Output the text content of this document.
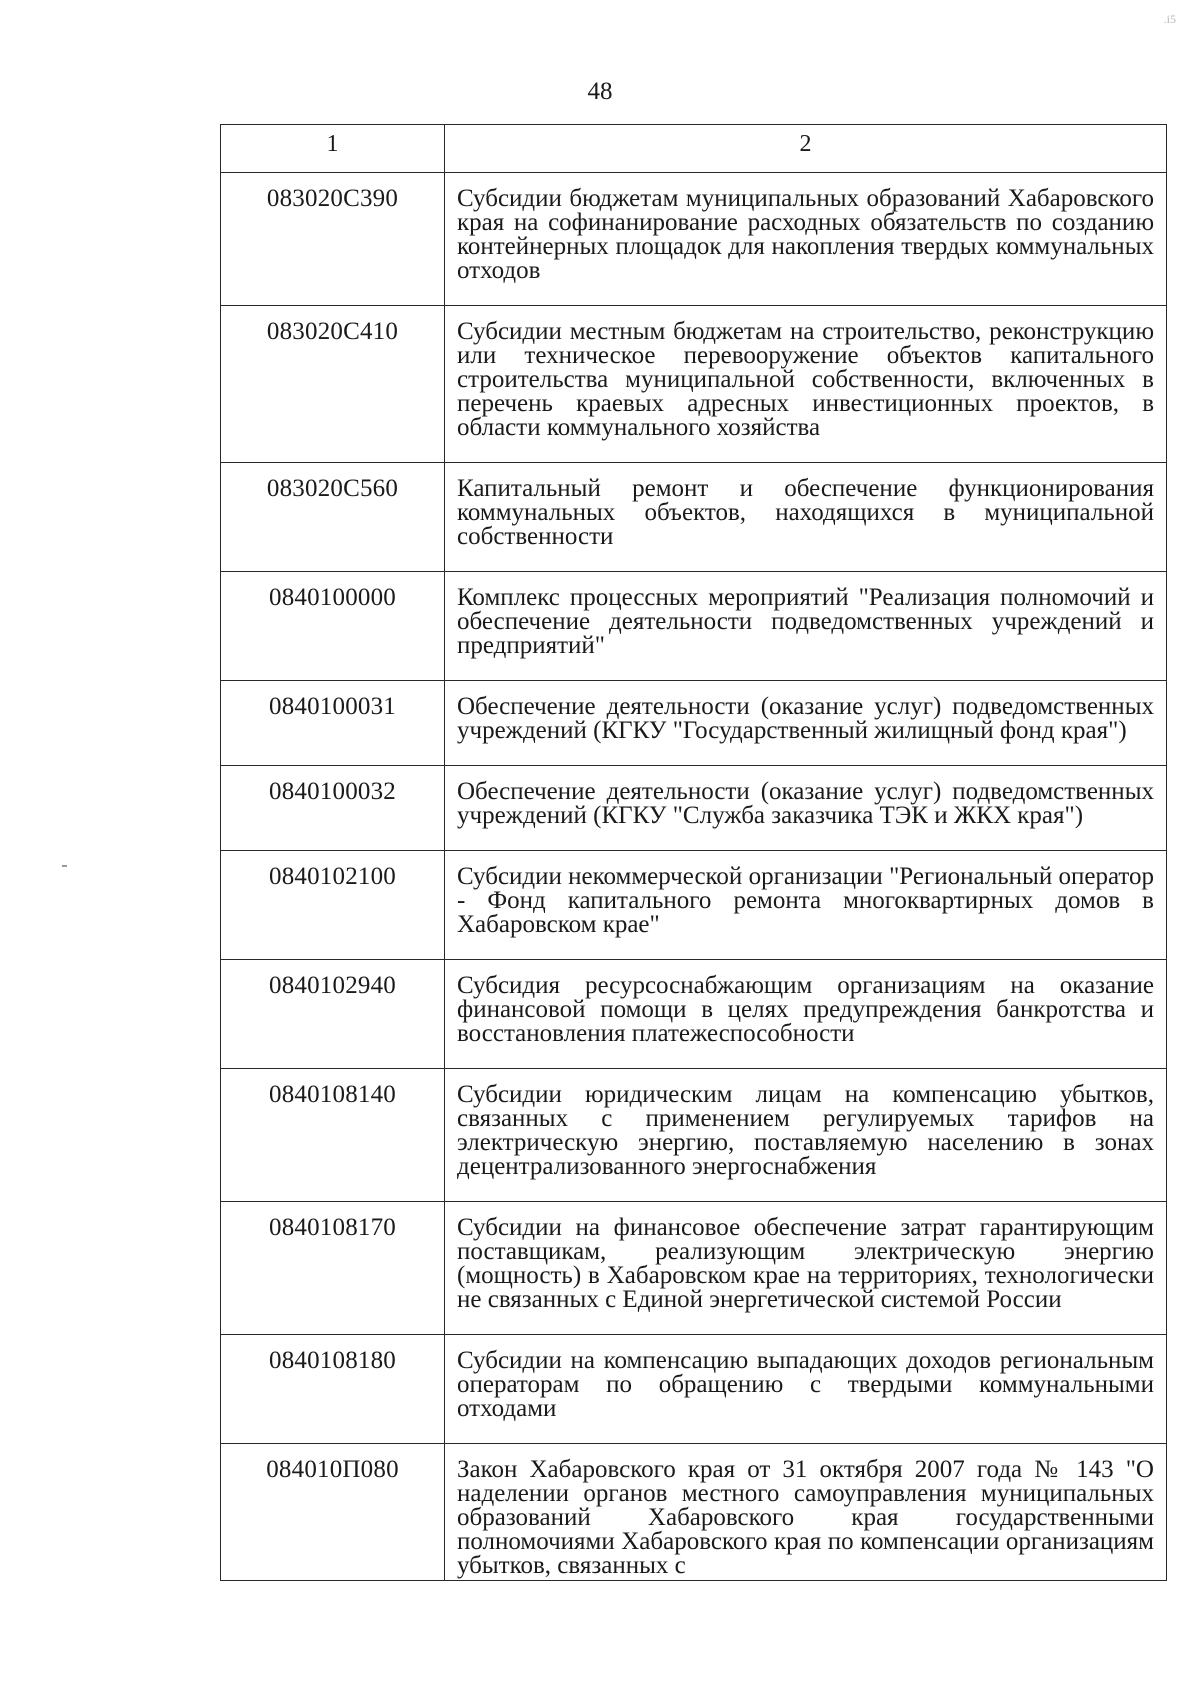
.i5
48
1	2
083020С390	Субсидии бюджетам муниципальных образований Хабаровского края на софинанирование расходных обязательств по созданию контейнерных площадок для накопления твердых коммунальных отходов
083020С410	Субсидии местным бюджетам на строительство, реконструкцию или техническое перевооружение объектов капитального строительства муниципальной собственности, включенных в перечень краевых адресных инвестиционных проектов, в области коммунального хозяйства
083020С560	Капитальный ремонт и обеспечение функционирования коммунальных объектов, находящихся в муниципальной собственности
0840100000	Комплекс процессных мероприятий "Реализация полномочий и обеспечение деятельности подведомственных учреждений и предприятий"
0840100031	Обеспечение деятельности (оказание услуг) подведомственных учреждений (КГКУ "Государственный жилищный фонд края")
0840100032	Обеспечение деятельности (оказание услуг) подведомственных учреждений (КГКУ "Служба заказчика ТЭК и ЖКХ края")
0840102100	Субсидии некоммерческой организации "Региональный оператор - Фонд капитального ремонта многоквартирных домов в Хабаровском крае"
0840102940	Субсидия ресурсоснабжающим организациям на оказание финансовой помощи в целях предупреждения банкротства и восстановления платежеспособности
0840108140	Субсидии юридическим лицам на компенсацию убытков, связанных с применением регулируемых тарифов на электрическую энергию, поставляемую населению в зонах децентрализованного энергоснабжения
0840108170	Субсидии на финансовое обеспечение затрат гарантирующим поставщикам, реализующим электрическую энергию (мощность) в Хабаровском крае на территориях, технологически не связанных с Единой энергетической системой России
0840108180	Субсидии на компенсацию выпадающих доходов региональным операторам по обращению с твердыми коммунальными отходами
084010П080	Закон Хабаровского края от 31 октября 2007 года № 143 "О наделении органов местного самоуправления муниципальных образований Хабаровского края государственными полномочиями Хабаровского края по компенсации организациям убытков, связанных с
